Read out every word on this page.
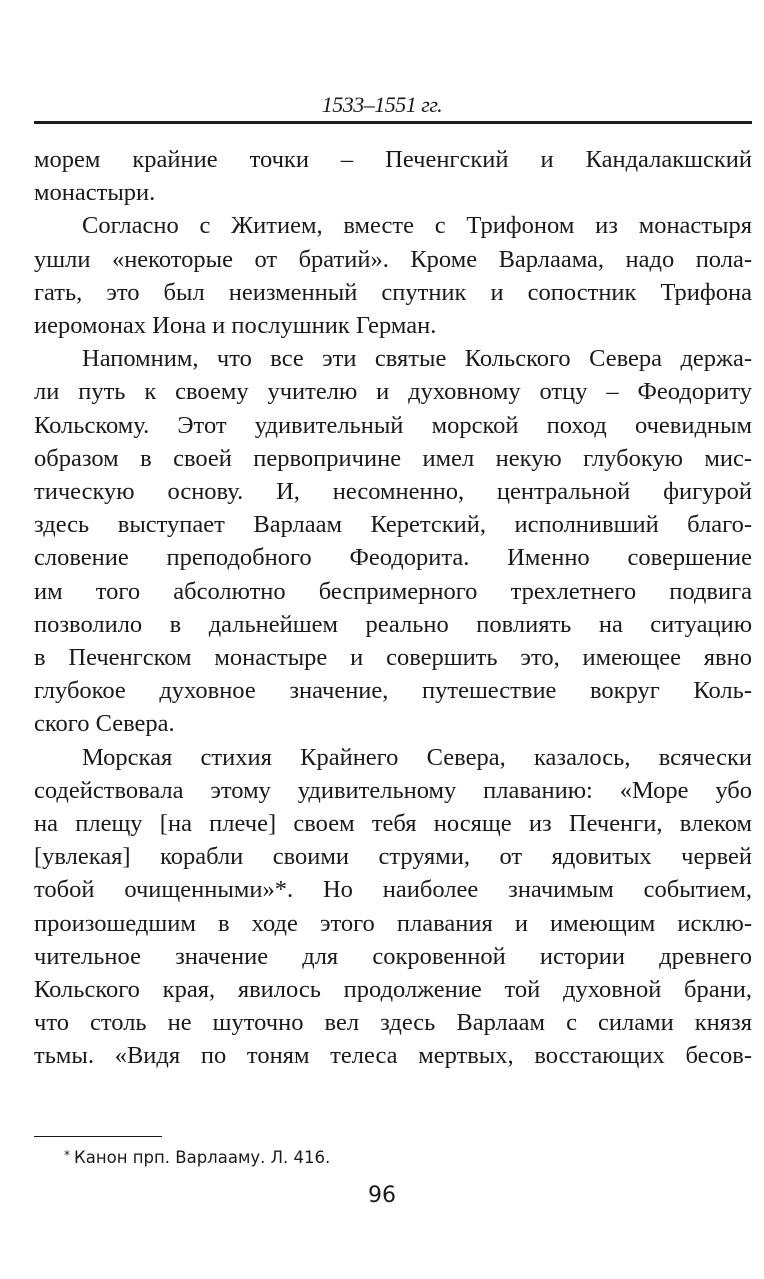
1533–1551 гг.
морем крайние точки – Печенгский и Кандалакшский
монастыри.
Согласно с Житием, вместе с Трифоном из монастыря
ушли «некоторые от братий». Кроме Варлаама, надо пола-
гать, это был неизменный спутник и сопостник Трифона
иеромонах Иона и послушник Герман.
Напомним, что все эти святые Кольского Севера держа-
ли путь к своему учителю и духовному отцу – Феодориту
Кольскому. Этот удивительный морской поход очевидным
образом в своей первопричине имел некую глубокую мис-
тическую основу. И, несомненно, центральной фигурой
здесь выступает Варлаам Керетский, исполнивший благо-
словение преподобного Феодорита. Именно совершение
им того абсолютно беспримерного трехлетнего подвига
позволило в дальнейшем реально повлиять на ситуацию
в Печенгском монастыре и совершить это, имеющее явно
глубокое духовное значение, путешествие вокруг Коль-
ского Севера.
Морская стихия Крайнего Севера, казалось, всячески
содействовала этому удивительному плаванию: «Море убо
на плещу [на плече] своем тебя носяще из Печенги, влеком
[увлекая] корабли своими струями, от ядовитых червей
тобой очищенными»*. Но наиболее значимым событием,
произошедшим в ходе этого плавания и имеющим исклю-
чительное значение для сокровенной истории древнего
Кольского края, явилось продолжение той духовной брани,
что столь не шуточно вел здесь Варлаам с силами князя
тьмы. «Видя по тоням телеса мертвых, восстающих бесов-
* Канон прп. Варлааму. Л. 416.
96
